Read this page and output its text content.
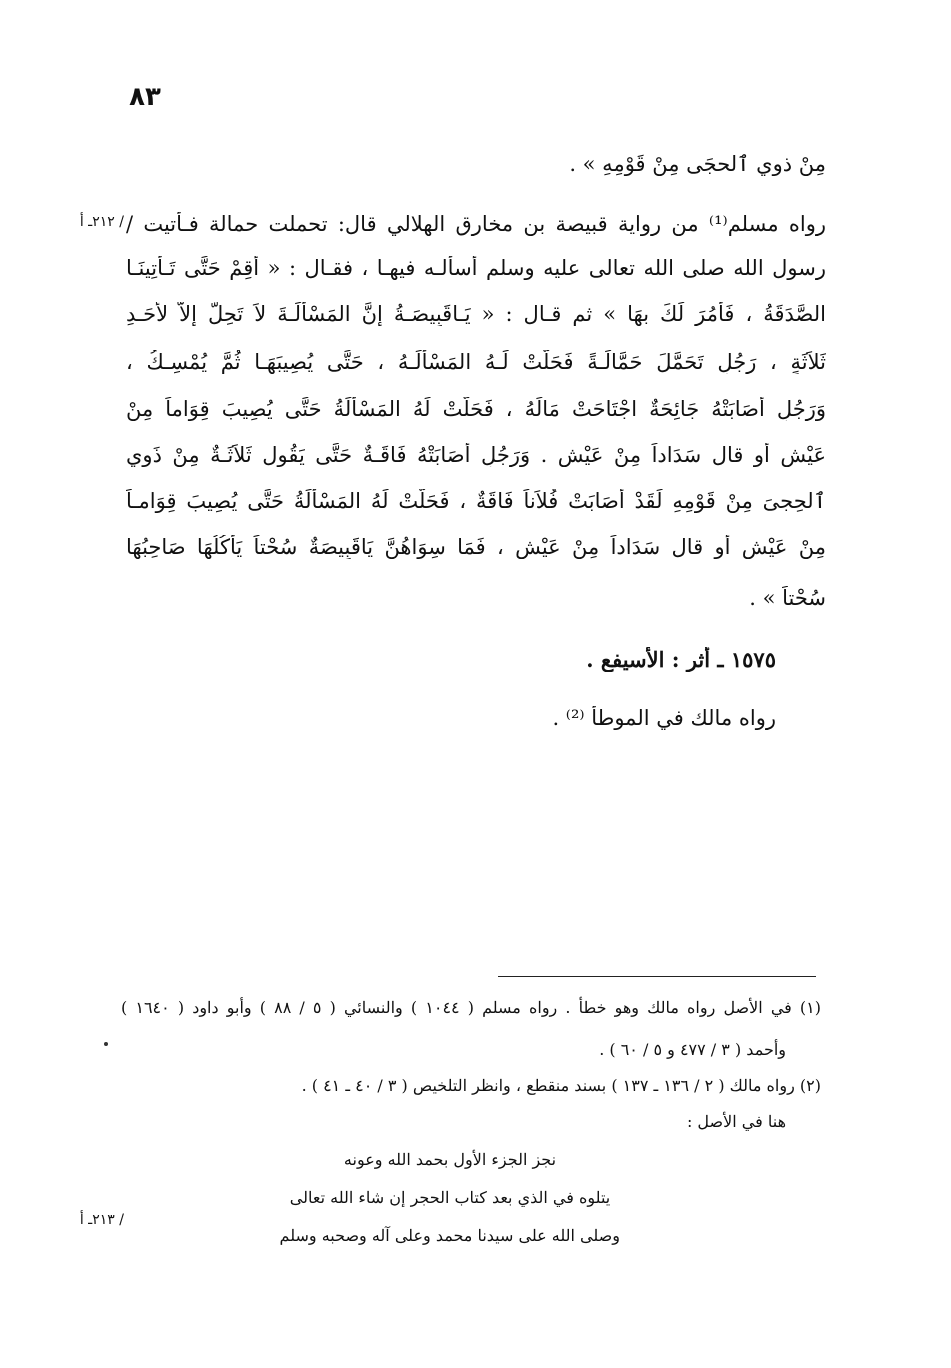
٨٣
/ ٢١٢ـ أ
/ ٢١٣ـ أ
مِنْ ذوي ٱلحجَى مِنْ قَوْمِهِ » .
رواه مسلم⁽¹⁾ من رواية قبيصة بن مخارق الهلالي قال: تحملت حمالة فـأتيت /
رسول الله صلى الله تعالى عليه وسلم أسألـه فيهـا ، فقـال : « أَقِمْ حَتَّى تَـأْتِينَـا
الصَّدَقَةُ ، فَأْمُرَ لَكَ بهَا » ثم قـال : « يَـاقَبِيصَـةُ إِنَّ المَسْأَلَـةَ لاَ تَحِلُّ إِلاَّ لأحَـدِ
ثَلاَثَةٍ ، رَجُلٍ تَحَمَّلَ حَمَّالَـةً فَحَلَّتْ لَـهُ المَسْأَلَـهُ ، حَتَّى يُصِيبَهَـا ثُمَّ يُمْسِـكُ ،
وَرَجُلٍ أَصَابَتْهُ جَائِحَةٌ اجْتَاحَتْ مَالَهُ ، فَحَلَّتْ لَهُ المَسْأَلَةُ حَتَّى يُصِيبَ قِوَاماً مِنْ
عَيْشٍ أو قال سَدَاداً مِنْ عَيْشٍ . وَرَجُلٍ أَصَابَتْهُ فَاقَـةٌ حَتَّى يَقُول ثَلاَثَـةٌ مِنْ ذَوِي
ٱلحِجىَ مِنْ قَوْمِهِ لَقَدْ أَصَابَتْ فُلاَناً فَاقَةٌ ، فَحَلَّتْ لَهُ المَسْأَلَةُ حَتَّى يُصِيبَ قِوَامـاً
مِنْ عَيْشٍ أو قال سَدَاداً مِنْ عَيْشٍ ، فَمَا سِوَاهُنَّ يَاقَبِيصَةٌ سُحْتاً يَأْكُلُهَا صَاحِبُهَا
سُحْتاً » .
١٥٧٥ ـ أثر : الأسيفع .
رواه مالك في الموطأ ⁽²⁾ .
(١) في الأصل رواه مالك وهو خطأ . رواه مسلم ( ١٠٤٤ ) والنسائي ( ٥ / ٨٨ ) وأبو داود ( ١٦٤٠ )
وأحمد ( ٣ / ٤٧٧ و ٥ / ٦٠ ) .
(٢) رواه مالك ( ٢ / ١٣٦ ـ ١٣٧ ) بسند منقطع ، وانظر التلخيص ( ٣ / ٤٠ ـ ٤١ ) .
هنا في الأصل :
نجز الجزء الأول بحمد الله وعونه
يتلوه في الذي بعد كتاب الحجر إن شاء الله تعالى
وصلى الله على سيدنا محمد وعلى آله وصحبه وسلم
